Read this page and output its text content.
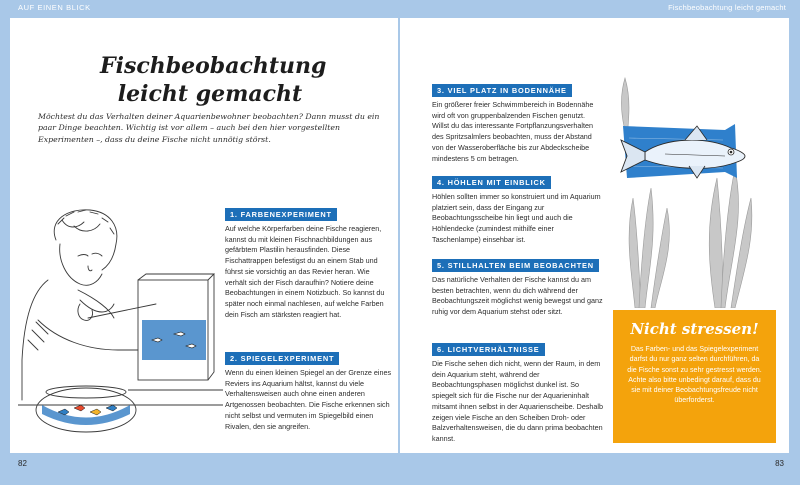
AUF EINEN BLICK	Fischbeobachtung leicht gemacht
Fischbeobachtung
leicht gemacht
Möchtest du das Verhalten deiner Aquarienbewohner beobachten? Dann musst du ein paar Dinge beachten. Wichtig ist vor allem – auch bei den hier vorgestellten Experimenten –, dass du deine Fische nicht unnötig störst.
1. FARBENEXPERIMENT
Auf welche Körperfarben deine Fische reagieren, kannst du mit kleinen Fischnachbildungen aus gefärbtem Plastilin herausfinden. Diese Fischattrappen befestigst du an einem Stab und führst sie vorsichtig an das Revier heran. Wie verhält sich der Fisch daraufhin? Notiere deine Beobachtungen in einem Notizbuch. So kannst du später noch einmal nachlesen, auf welche Farben dein Fisch am stärksten reagiert hat.
2. SPIEGELEXPERIMENT
Wenn du einen kleinen Spiegel an der Grenze eines Reviers ins Aquarium hältst, kannst du viele Verhaltensweisen auch ohne einen anderen Artgenossen beobachten. Die Fische erkennen sich nicht selbst und vermuten im Spiegelbild einen Rivalen, den sie angreifen.
3. VIEL PLATZ IN BODENNÄHE
Ein größerer freier Schwimmbereich in Bodennähe wird oft von gruppenbalzenden Fischen genutzt. Willst du das interessante Fortpflanzungsverhalten des Spritzsalmlers beobachten, muss der Abstand von der Wasseroberfläche bis zur Abdeckscheibe mindestens 5 cm betragen.
4. HÖHLEN MIT EINBLICK
Höhlen sollten immer so konstruiert und im Aquarium platziert sein, dass der Eingang zur Beobachtungsscheibe hin liegt und auch die Höhlendecke (zumindest mithilfe einer Taschenlampe) einsehbar ist.
5. STILLHALTEN BEIM BEOBACHTEN
Das natürliche Verhalten der Fische kannst du am besten betrachten, wenn du dich während der Beobachtungszeit möglichst wenig bewegst und ganz ruhig vor dem Aquarium stehst oder sitzt.
6. LICHTVERHÄLTNISSE
Die Fische sehen dich nicht, wenn der Raum, in dem dein Aquarium steht, während der Beobachtungsphasen möglichst dunkel ist. So spiegelt sich für die Fische nur der Aquarieninhalt mitsamt ihnen selbst in der Aquarienscheibe. Deshalb zeigen viele Fische an den Scheiben Droh- oder Balzverhaltensweisen, die du dann prima beobachten kannst.
Nicht stressen!
Das Farben- und das Spiegelexperiment darfst du nur ganz selten durchführen, da die Fische sonst zu sehr gestresst werden. Achte also bitte unbedingt darauf, dass du sie mit deiner Beobachtungsfreude nicht überforderst.
82	83
